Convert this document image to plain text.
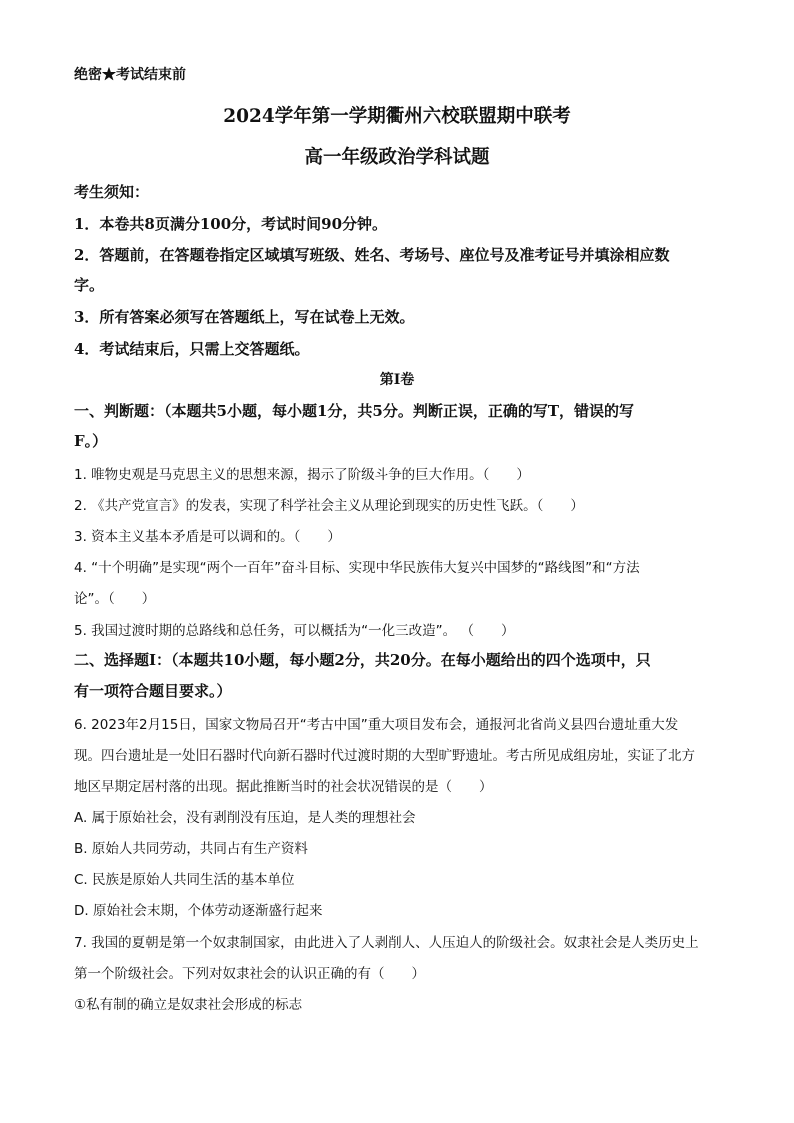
绝密★考试结束前
2024学年第一学期衢州六校联盟期中联考
高一年级政治学科试题
考生须知：
1．本卷共8页满分100分，考试时间90分钟。
2．答题前，在答题卷指定区域填写班级、姓名、考场号、座位号及准考证号并填涂相应数
字。
3．所有答案必须写在答题纸上，写在试卷上无效。
4．考试结束后，只需上交答题纸。
第Ⅰ卷
一、判断题：（本题共5小题，每小题1分，共5分。判断正误，正确的写T，错误的写
F。）
1. 唯物史观是马克思主义的思想来源，揭示了阶级斗争的巨大作用。（　　）
2. 《共产党宣言》的发表，实现了科学社会主义从理论到现实的历史性飞跃。（　　）
3. 资本主义基本矛盾是可以调和的。（　　）
4. “十个明确”是实现“两个一百年”奋斗目标、实现中华民族伟大复兴中国梦的“路线图”和“方法
论”。（　　）
5. 我国过渡时期的总路线和总任务，可以概括为“一化三改造”。 （　　）
二、选择题Ⅰ：（本题共10小题，每小题2分，共20分。在每小题给出的四个选项中，只
有一项符合题目要求。）
6. 2023年2月15日，国家文物局召开“考古中国”重大项目发布会，通报河北省尚义县四台遗址重大发
现。四台遗址是一处旧石器时代向新石器时代过渡时期的大型旷野遗址。考古所见成组房址，实证了北方
地区早期定居村落的出现。据此推断当时的社会状况错误的是（　　）
A. 属于原始社会，没有剥削没有压迫，是人类的理想社会
B. 原始人共同劳动，共同占有生产资料
C. 民族是原始人共同生活的基本单位
D. 原始社会末期，个体劳动逐渐盛行起来
7. 我国的夏朝是第一个奴隶制国家，由此进入了人剥削人、人压迫人的阶级社会。奴隶社会是人类历史上
第一个阶级社会。下列对奴隶社会的认识正确的有（　　）
①私有制的确立是奴隶社会形成的标志
